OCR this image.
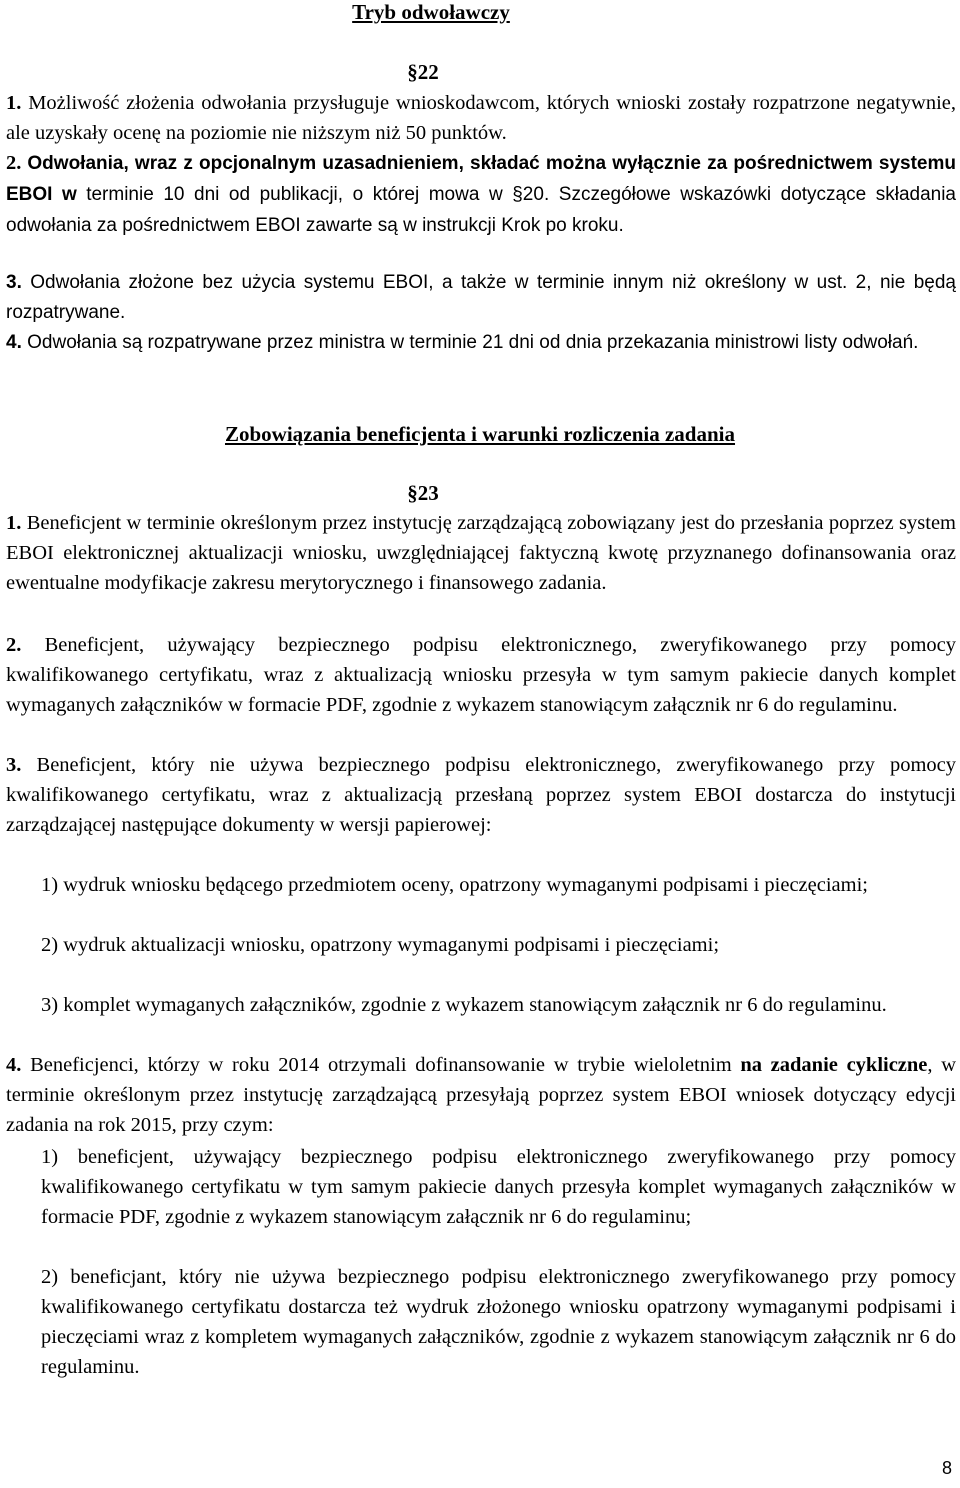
Tryb odwoławczy
§22
1. Możliwość złożenia odwołania przysługuje wnioskodawcom, których wnioski zostały rozpatrzone negatywnie, ale uzyskały ocenę na poziomie nie niższym niż 50 punktów.
2. Odwołania, wraz z opcjonalnym uzasadnieniem, składać można wyłącznie za pośrednictwem systemu EBOI w terminie 10 dni od publikacji, o której mowa w §20. Szczegółowe wskazówki dotyczące składania odwołania za pośrednictwem EBOI zawarte są w instrukcji Krok po kroku.
3. Odwołania złożone bez użycia systemu EBOI, a także w terminie innym niż określony w ust. 2, nie będą rozpatrywane.
4. Odwołania są rozpatrywane przez ministra w terminie 21 dni od dnia przekazania ministrowi listy odwołań.
Zobowiązania beneficjenta i warunki rozliczenia zadania
§23
1. Beneficjent w terminie określonym przez instytucję zarządzającą zobowiązany jest do przesłania poprzez system EBOI elektronicznej aktualizacji wniosku, uwzględniającej faktyczną kwotę przyznanego dofinansowania oraz ewentualne modyfikacje zakresu merytorycznego i finansowego zadania.
2. Beneficjent, używający bezpiecznego podpisu elektronicznego, zweryfikowanego przy pomocy kwalifikowanego certyfikatu, wraz z aktualizacją wniosku przesyła w tym samym pakiecie danych komplet wymaganych załączników w formacie PDF, zgodnie z wykazem stanowiącym załącznik nr 6 do regulaminu.
3. Beneficjent, który nie używa bezpiecznego podpisu elektronicznego, zweryfikowanego przy pomocy kwalifikowanego certyfikatu, wraz z aktualizacją przesłaną poprzez system EBOI dostarcza do instytucji zarządzającej następujące dokumenty w wersji papierowej:
1) wydruk wniosku będącego przedmiotem oceny, opatrzony wymaganymi podpisami i pieczęciami;
2) wydruk aktualizacji wniosku, opatrzony wymaganymi podpisami i pieczęciami;
3) komplet wymaganych załączników, zgodnie z wykazem stanowiącym załącznik nr 6 do regulaminu.
4. Beneficjenci, którzy w roku 2014 otrzymali dofinansowanie w trybie wieloletnim na zadanie cykliczne, w terminie określonym przez instytucję zarządzającą przesyłają poprzez system EBOI wniosek dotyczący edycji zadania na rok 2015, przy czym:
1) beneficjent, używający bezpiecznego podpisu elektronicznego zweryfikowanego przy pomocy kwalifikowanego certyfikatu w tym samym pakiecie danych przesyła komplet wymaganych załączników w formacie PDF, zgodnie z wykazem stanowiącym załącznik nr 6 do regulaminu;
2) beneficjant, który nie używa bezpiecznego podpisu elektronicznego zweryfikowanego przy pomocy kwalifikowanego certyfikatu dostarcza też wydruk złożonego wniosku opatrzony wymaganymi podpisami i pieczęciami wraz z kompletem wymaganych załączników, zgodnie z wykazem stanowiącym załącznik nr 6 do regulaminu.
8
